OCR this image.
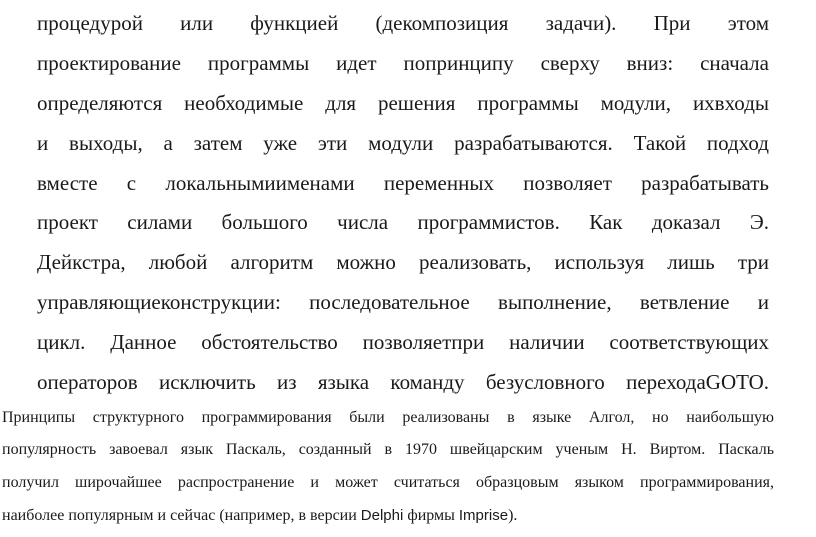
процедурой или функцией (декомпозиция задачи). При этом
проектирование программы идет попринципу сверху вниз: сначала
определяются необходимые для решения программы модули, ихвходы
и выходы, а затем уже эти модули разрабатываются. Такой подход
вместе с локальнымиименами переменных позволяет разрабатывать
проект силами большого числа программистов. Как доказал Э.
Дейкстра, любой алгоритм можно реализовать, используя лишь три
управляющиеконструкции: последовательное выполнение, ветвление и
цикл. Данное обстоятельство позволяетпри наличии соответствующих
операторов исключить из языка команду безусловного переходаGOTO.
Принципы структурного программирования были реализованы в языке Алгол, но наибольшую
популярность завоевал язык Паскаль, созданный в 1970 швейцарским ученым Н. Виртом. Паскаль
получил широчайшее распространение и может считаться образцовым языком программирования,
наиболее популярным и сейчас (например, в версии Delphi фирмы Imprise).
